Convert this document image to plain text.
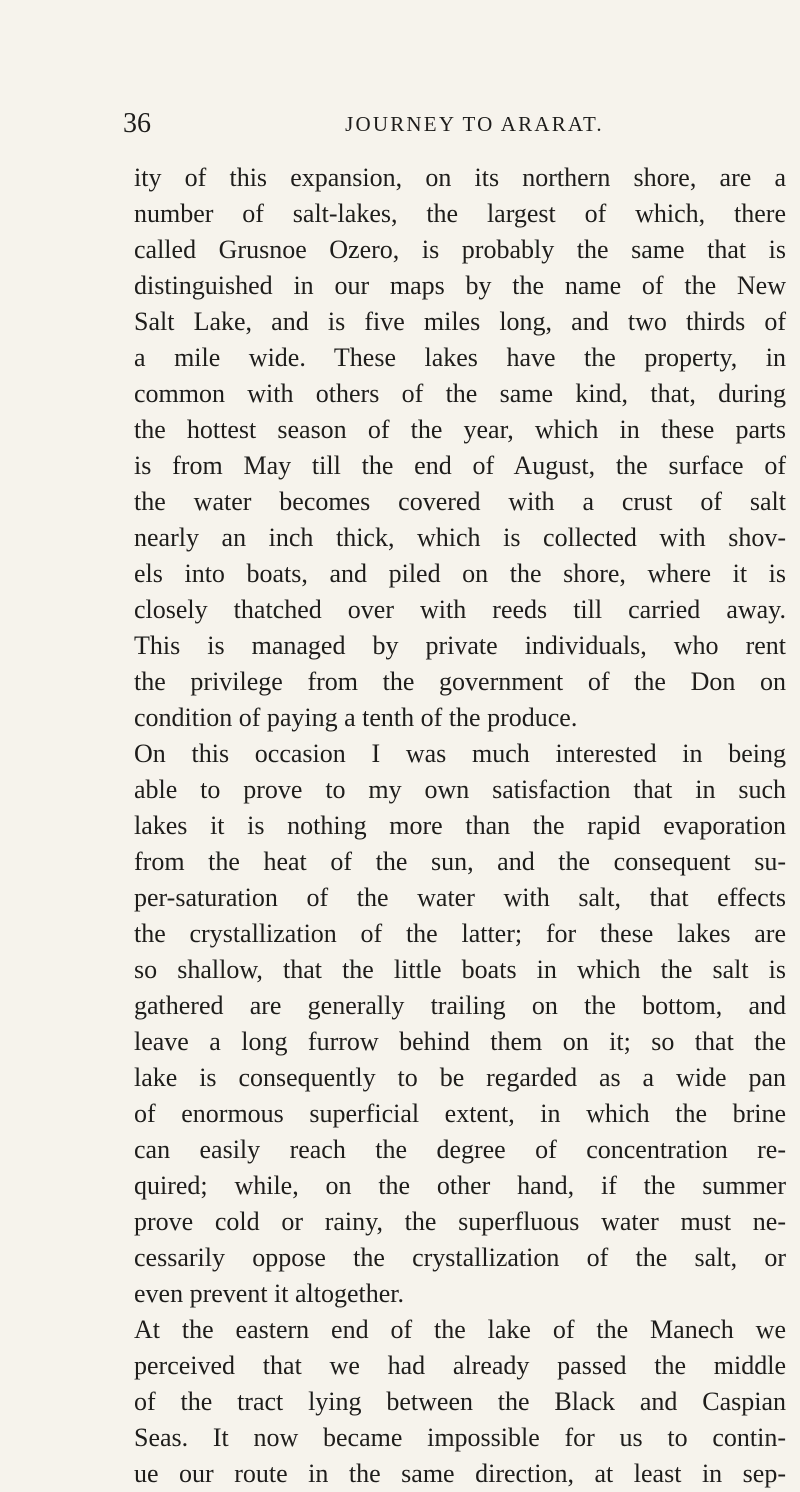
36	JOURNEY TO ARARAT.
ity of this expansion, on its northern shore, are a
number of salt-lakes, the largest of which, there
called Grusnoe Ozero, is probably the same that is
distinguished in our maps by the name of the New
Salt Lake, and is five miles long, and two thirds of
a mile wide. These lakes have the property, in
common with others of the same kind, that, during
the hottest season of the year, which in these parts
is from May till the end of August, the surface of
the water becomes covered with a crust of salt
nearly an inch thick, which is collected with shov-
els into boats, and piled on the shore, where it is
closely thatched over with reeds till carried away.
This is managed by private individuals, who rent
the privilege from the government of the Don on
condition of paying a tenth of the produce.
On this occasion I was much interested in being
able to prove to my own satisfaction that in such
lakes it is nothing more than the rapid evaporation
from the heat of the sun, and the consequent su-
per-saturation of the water with salt, that effects
the crystallization of the latter; for these lakes are
so shallow, that the little boats in which the salt is
gathered are generally trailing on the bottom, and
leave a long furrow behind them on it; so that the
lake is consequently to be regarded as a wide pan
of enormous superficial extent, in which the brine
can easily reach the degree of concentration re-
quired; while, on the other hand, if the summer
prove cold or rainy, the superfluous water must ne-
cessarily oppose the crystallization of the salt, or
even prevent it altogether.
At the eastern end of the lake of the Manech we
perceived that we had already passed the middle
of the tract lying between the Black and Caspian
Seas. It now became impossible for us to contin-
ue our route in the same direction, at least in sep-
